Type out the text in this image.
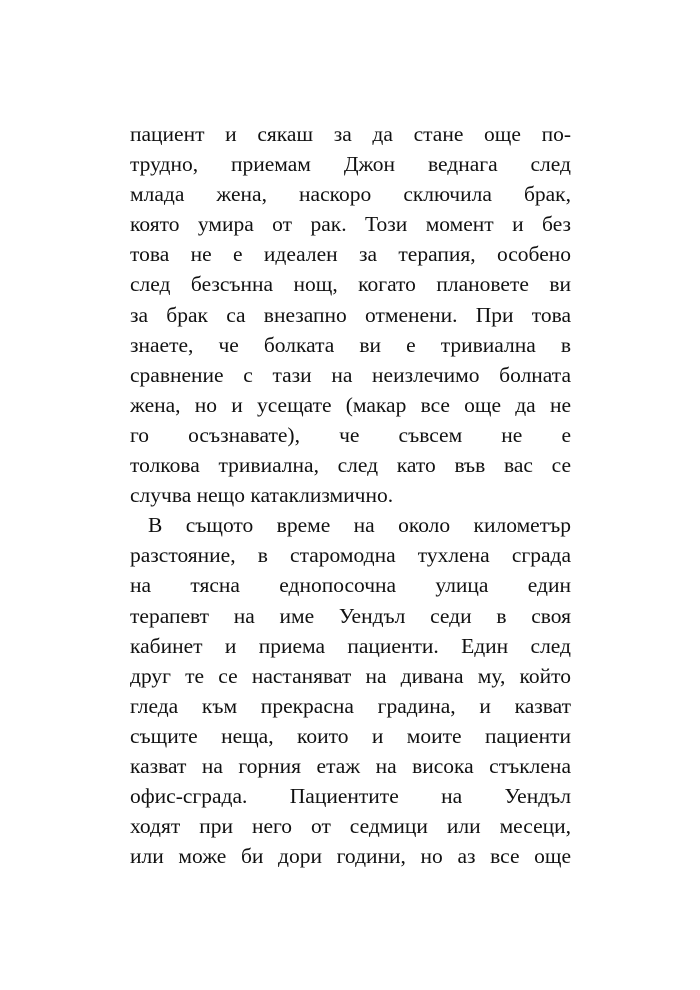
пациент и сякаш за да стане още по-
трудно, приемам Джон веднага след
млада жена, наскоро сключила брак,
която умира от рак. Този момент и без
това не е идеален за терапия, особено
след безсънна нощ, когато плановете ви
за брак са внезапно отменени. При това
знаете, че болката ви е тривиална в
сравнение с тази на неизлечимо болната
жена, но и усещате (макар все още да не
го осъзнавате), че съвсем не е
толкова тривиална, след като във вас се
случва нещо катаклизмично.
В същото време на около километър
разстояние, в старомодна тухлена сграда
на тясна еднопосочна улица един
терапевт на име Уендъл седи в своя
кабинет и приема пациенти. Един след
друг те се настаняват на дивана му, който
гледа към прекрасна градина, и казват
същите неща, които и моите пациенти
казват на горния етаж на висока стъклена
офис-сграда. Пациентите на Уендъл
ходят при него от седмици или месеци,
или може би дори години, но аз все още
